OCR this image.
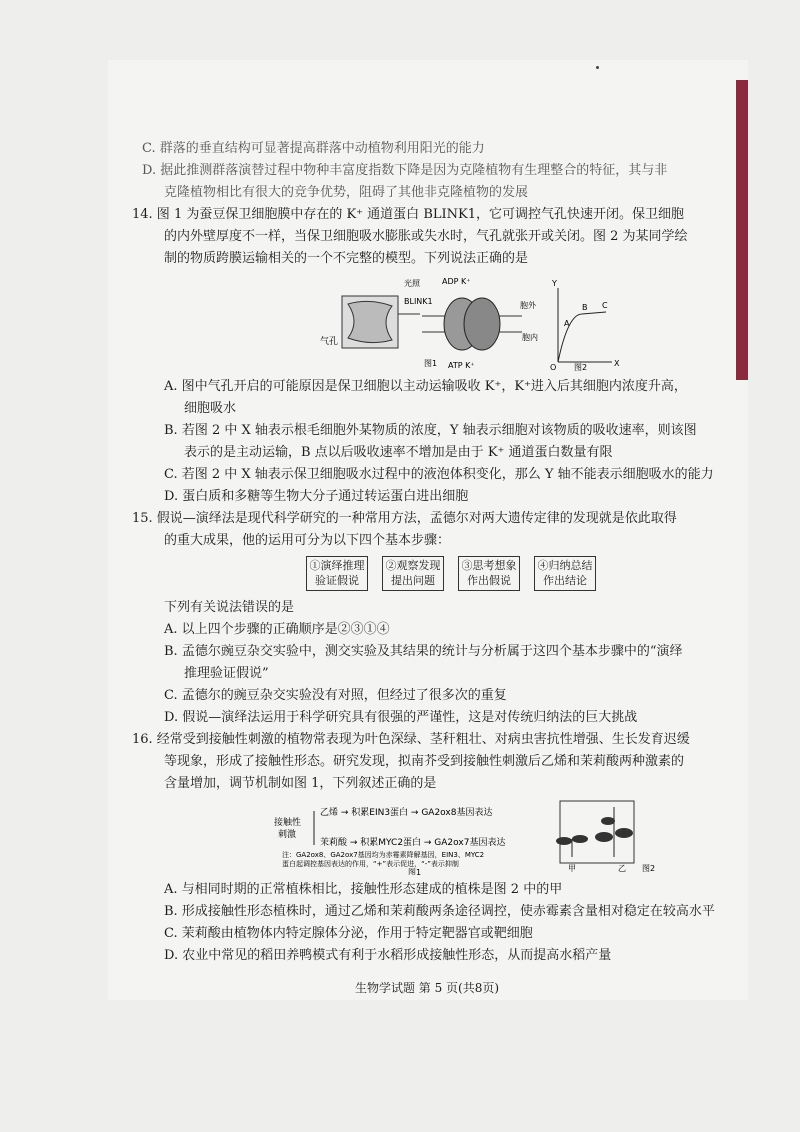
C. 群落的垂直结构可显著提高群落中动植物利用阳光的能力
D. 据此推测群落演替过程中物种丰富度指数下降是因为克隆植物有生理整合的特征，其与非
克隆植物相比有很大的竞争优势，阻碍了其他非克隆植物的发展
14. 图 1 为蚕豆保卫细胞膜中存在的 K⁺ 通道蛋白 BLINK1，它可调控气孔快速开闭。保卫细胞
的内外壁厚度不一样，当保卫细胞吸水膨胀或失水时，气孔就张开或关闭。图 2 为某同学绘
制的物质跨膜运输相关的一个不完整的模型。下列说法正确的是
气孔
光照	ADP K⁺
BLINK1	胞外
胞内
ATP K⁺
图1
Y
X
O
A
B C
图2
A. 图中气孔开启的可能原因是保卫细胞以主动运输吸收 K⁺，K⁺进入后其细胞内浓度升高，
细胞吸水
B. 若图 2 中 X 轴表示根毛细胞外某物质的浓度，Y 轴表示细胞对该物质的吸收速率，则该图
表示的是主动运输，B 点以后吸收速率不增加是由于 K⁺ 通道蛋白数量有限
C. 若图 2 中 X 轴表示保卫细胞吸水过程中的液泡体积变化，那么 Y 轴不能表示细胞吸水的能力
D. 蛋白质和多糖等生物大分子通过转运蛋白进出细胞
15. 假说—演绎法是现代科学研究的一种常用方法，孟德尔对两大遗传定律的发现就是依此取得
的重大成果，他的运用可分为以下四个基本步骤：
①演绎推理
验证假说
②观察发现
提出问题
③思考想象
作出假说
④归纳总结
作出结论
下列有关说法错误的是
A. 以上四个步骤的正确顺序是②③①④
B. 孟德尔豌豆杂交实验中，测交实验及其结果的统计与分析属于这四个基本步骤中的“演绎
推理验证假说”
C. 孟德尔的豌豆杂交实验没有对照，但经过了很多次的重复
D. 假说—演绎法运用于科学研究具有很强的严谨性，这是对传统归纳法的巨大挑战
16. 经常受到接触性刺激的植物常表现为叶色深绿、茎秆粗壮、对病虫害抗性增强、生长发育迟缓
等现象，形成了接触性形态。研究发现，拟南芥受到接触性刺激后乙烯和茉莉酸两种激素的
含量增加，调节机制如图 1，下列叙述正确的是
接触性
刺激
乙烯 → 积累EIN3蛋白 → GA2ox8基因表达
茉莉酸 → 积累MYC2蛋白 → GA2ox7基因表达
注：GA2ox8、GA2ox7基因均为赤霉素降解基因，EIN3、MYC2
蛋白起调控基因表达的作用，“+”表示促进，“-”表示抑制
图1	甲	乙 图2
A. 与相同时期的正常植株相比，接触性形态建成的植株是图 2 中的甲
B. 形成接触性形态植株时，通过乙烯和茉莉酸两条途径调控，使赤霉素含量相对稳定在较高水平
C. 茉莉酸由植物体内特定腺体分泌，作用于特定靶器官或靶细胞
D. 农业中常见的稻田养鸭模式有利于水稻形成接触性形态，从而提高水稻产量
生物学试题 第 5 页(共8页)
